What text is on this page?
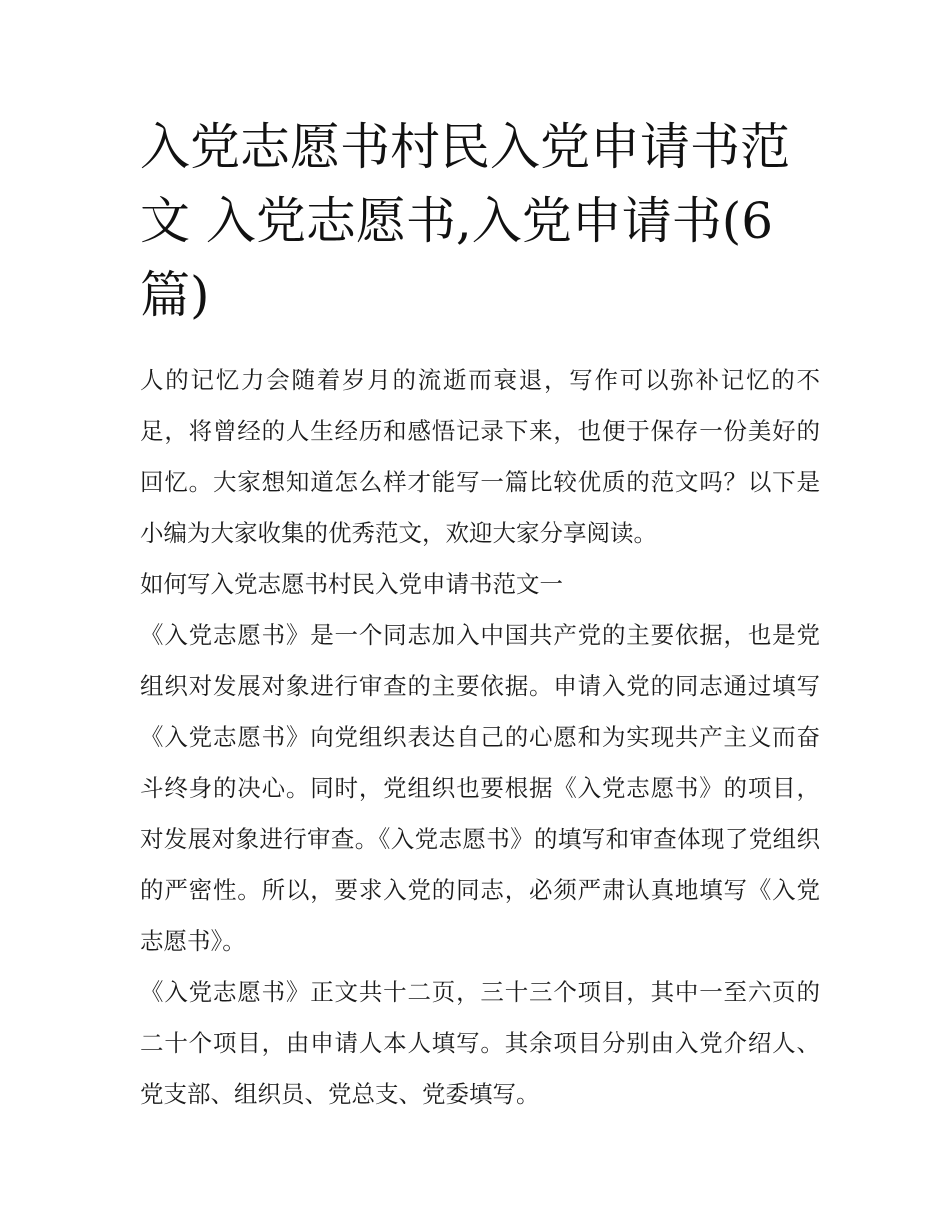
入党志愿书村民入党申请书范文 入党志愿书,入党申请书(6篇)

人的记忆力会随着岁月的流逝而衰退，写作可以弥补记忆的不足，将曾经的人生经历和感悟记录下来，也便于保存一份美好的回忆。大家想知道怎么样才能写一篇比较优质的范文吗？以下是小编为大家收集的优秀范文，欢迎大家分享阅读。

如何写入党志愿书村民入党申请书范文一

《入党志愿书》是一个同志加入中国共产党的主要依据，也是党组织对发展对象进行审查的主要依据。申请入党的同志通过填写《入党志愿书》向党组织表达自己的心愿和为实现共产主义而奋斗终身的决心。同时，党组织也要根据《入党志愿书》的项目，对发展对象进行审查。《入党志愿书》的填写和审查体现了党组织的严密性。所以，要求入党的同志，必须严肃认真地填写《入党志愿书》。

《入党志愿书》正文共十二页，三十三个项目，其中一至六页的二十个项目，由申请人本人填写。其余项目分别由入党介绍人、党支部、组织员、党总支、党委填写。
